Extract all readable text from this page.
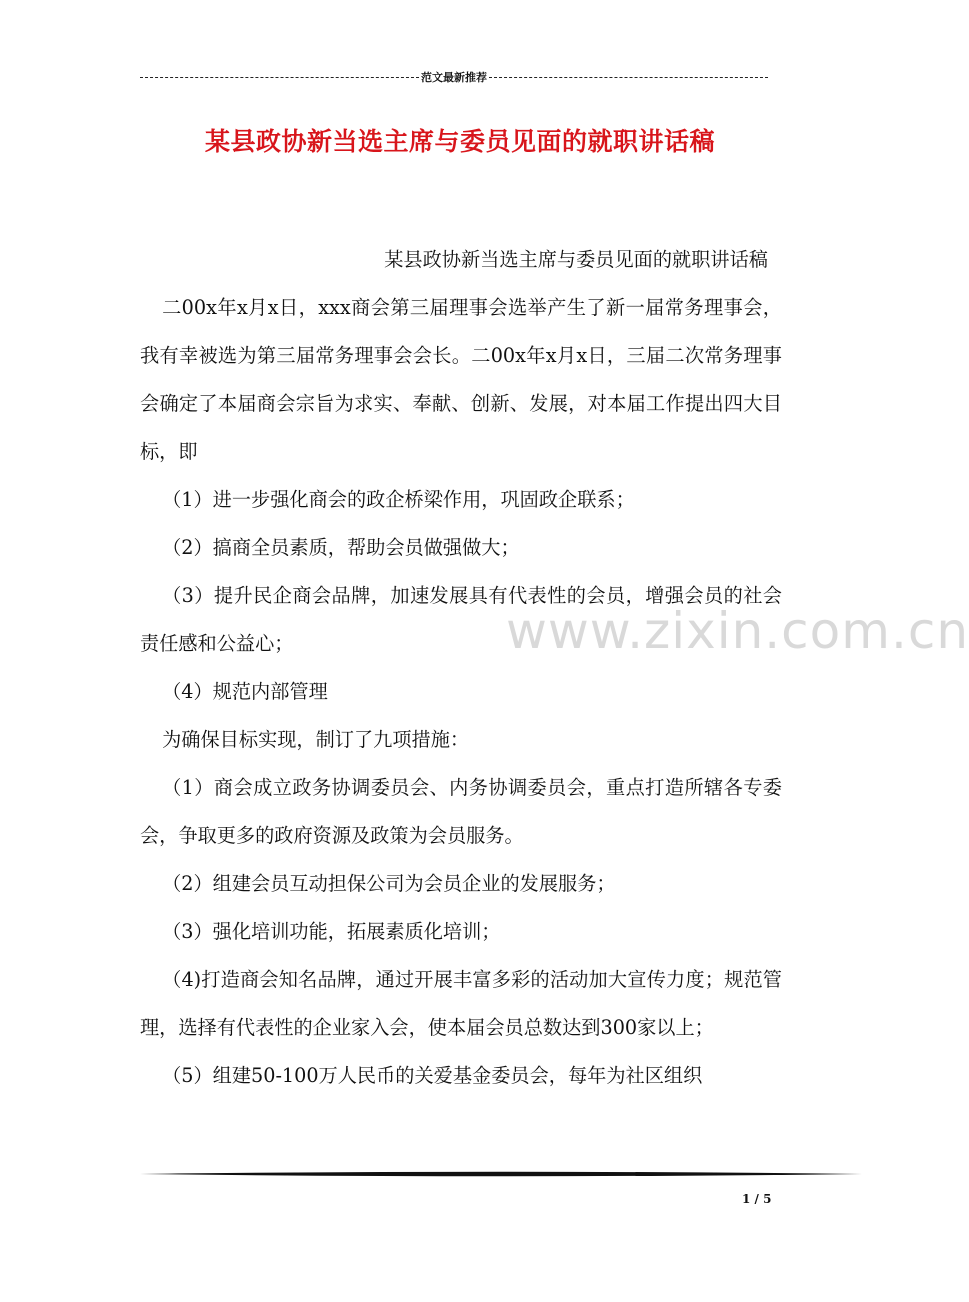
范文最新推荐
某县政协新当选主席与委员见面的就职讲话稿

某县政协新当选主席与委员见面的就职讲话稿

二00x年x月x日，xxx商会第三届理事会选举产生了新一届常务理事会，我有幸被选为第三届常务理事会会长。二00x年x月x日，三届二次常务理事会确定了本届商会宗旨为求实、奉献、创新、发展，对本届工作提出四大目标，即

（1）进一步强化商会的政企桥梁作用，巩固政企联系；

（2）搞商全员素质，帮助会员做强做大；

（3）提升民企商会品牌，加速发展具有代表性的会员，增强会员的社会责任感和公益心；

（4）规范内部管理

为确保目标实现，制订了九项措施：

（1）商会成立政务协调委员会、内务协调委员会，重点打造所辖各专委会，争取更多的政府资源及政策为会员服务。

（2）组建会员互动担保公司为会员企业的发展服务；

（3）强化培训功能，拓展素质化培训；

（4)打造商会知名品牌，通过开展丰富多彩的活动加大宣传力度；规范管理，选择有代表性的企业家入会，使本届会员总数达到300家以上；

（5）组建50-100万人民币的关爱基金委员会，每年为社区组织

www.zixin.com.cn
1 / 5
